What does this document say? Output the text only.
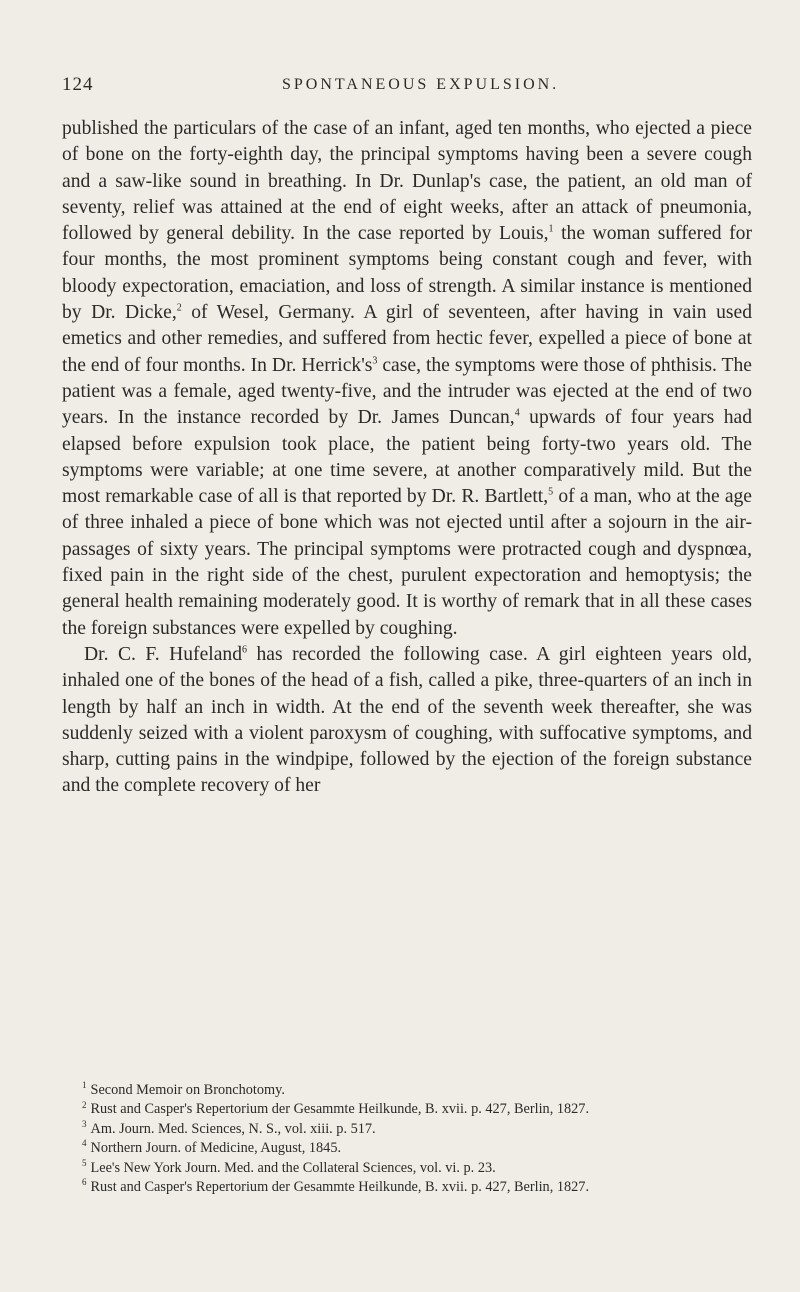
124	SPONTANEOUS EXPULSION.

published the particulars of the case of an infant, aged ten months, who ejected a piece of bone on the forty-eighth day, the principal symptoms having been a severe cough and a saw-like sound in breathing. In Dr. Dunlap's case, the patient, an old man of seventy, relief was attained at the end of eight weeks, after an attack of pneumonia, followed by general debility. In the case reported by Louis,$^1$ the woman suffered for four months, the most prominent symptoms being constant cough and fever, with bloody expectoration, emaciation, and loss of strength. A similar instance is mentioned by Dr. Dicke,$^2$ of Wesel, Germany. A girl of seventeen, after having in vain used emetics and other remedies, and suffered from hectic fever, expelled a piece of bone at the end of four months. In Dr. $Herrick's^3$ case, the symptoms were those of phthisis. The patient was a female, aged twenty-five, and the intruder was ejected at the end of two years. In the instance recorded by Dr. James Duncan,$^4$ upwards of four years had elapsed before expulsion took place, the patient being forty-two years old. The symptoms were variable; at one time severe, at another comparatively mild. But the most remarkable case of all is that reported by Dr. R. Bartlett,$^5$ of a man, who at the age of three inhaled a piece of bone which was not ejected until after a sojourn in the air-passages of sixty years. The principal symptoms were protracted cough and dyspnœa, fixed pain in the right side of the chest, purulent expectoration and hemoptysis; the general health remaining moderately good. It is worthy of remark that in all these cases the foreign substances were expelled by coughing.

Dr. C. F. Hufeland$^6$ has recorded the following case. A girl eighteen years old, inhaled one of the bones of the head of a fish, called a pike, three-quarters of an inch in length by half an inch in width. At the end of the seventh week thereafter, she was suddenly seized with a violent paroxysm of coughing, with suffocative symptoms, and sharp, cutting pains in the windpipe, followed by the ejection of the foreign substance and the complete recovery of her

$^1$ Second Memoir on Bronchotomy.

$^2$ Rust and Casper's Repertorium der Gesammte Heilkunde, B. xvii. p. 427, Berlin, 1827.

$^3$ Am. Journ. Med. Sciences, N. S., vol. xiii. p. 517.

$^4$ Northern Journ. of Medicine, August, 1845.

$^5$ Lee's New York Journ. Med. and the Collateral Sciences, vol. vi. p. 23.

$^6$ Rust and Casper's Repertorium der Gesammte Heilkunde, B. xvii. p. 427, Berlin, 1827.
